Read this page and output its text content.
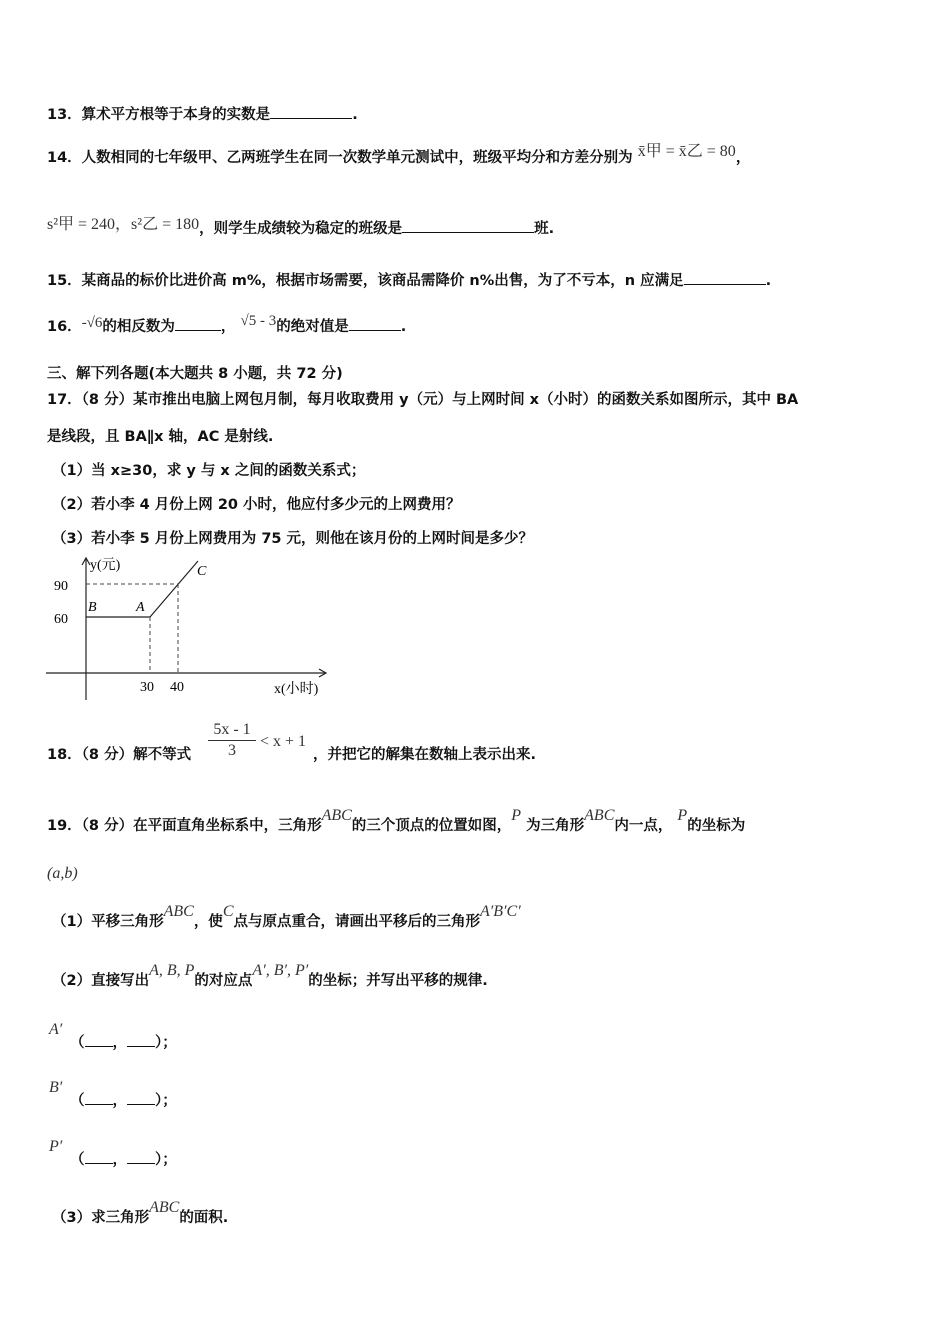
13．算术平方根等于本身的实数是	.
14．人数相同的七年级甲、乙两班学生在同一次数学单元测试中，班级平均分和方差分别为 x̄甲 = x̄乙 = 80，
s²甲 = 240，s²乙 = 180，则学生成绩较为稳定的班级是	班.
15．某商品的标价比进价高 m%，根据市场需要，该商品需降价 n%出售，为了不亏本，n 应满足	.
16．-√6的相反数为	， √5 - 3的绝对值是	.
三、解下列各题(本大题共 8 小题，共 72 分)
17．（8 分）某市推出电脑上网包月制，每月收取费用 y（元）与上网时间 x（小时）的函数关系如图所示，其中 BA
是线段，且 BA∥x 轴，AC 是射线.
（1）当 x≥30，求 y 与 x 之间的函数关系式；
（2）若小李 4 月份上网 20 小时，他应付多少元的上网费用？
（3）若小李 5 月份上网费用为 75 元，则他在该月份的上网时间是多少？
y(元)
90
60
B	A
C
30 40	x(小时)
18．（8 分）解不等式 $\frac{5x - 1}{3} < x + 1$
，并把它的解集在数轴上表示出来.
19．（8 分）在平面直角坐标系中，三角形ABC的三个顶点的位置如图，P 为三角形ABC内一点， P的坐标为
(a,b)
（1）平移三角形ABC，使C点与原点重合，请画出平移后的三角形A′B′C′
（2）直接写出A, B, P的对应点A′, B′, P′的坐标；并写出平移的规律.
A′
（ ， ）；
B′
（ ， ）；
P′
（ ， ）；
（3）求三角形ABC的面积.
